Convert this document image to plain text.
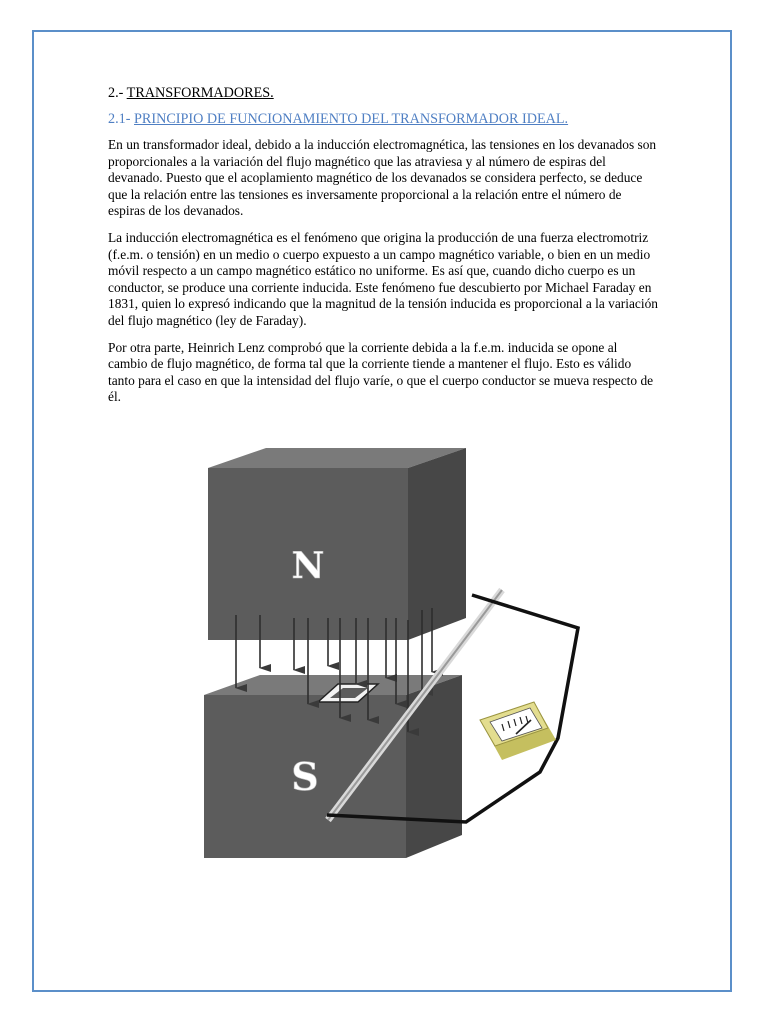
2.- TRANSFORMADORES.
2.1- PRINCIPIO DE FUNCIONAMIENTO DEL TRANSFORMADOR IDEAL.

En un transformador ideal, debido a la inducción electromagnética, las tensiones en los devanados son proporcionales a la variación del flujo magnético que las atraviesa y al número de espiras del devanado. Puesto que el acoplamiento magnético de los devanados se considera perfecto, se deduce que la relación entre las tensiones es inversamente proporcional a la relación entre el número de espiras de los devanados.

La inducción electromagnética es el fenómeno que origina la producción de una fuerza electromotriz (f.e.m. o tensión) en un medio o cuerpo expuesto a un campo magnético variable, o bien en un medio móvil respecto a un campo magnético estático no uniforme. Es así que, cuando dicho cuerpo es un conductor, se produce una corriente inducida. Este fenómeno fue descubierto por Michael Faraday en 1831, quien lo expresó indicando que la magnitud de la tensión inducida es proporcional a la variación del flujo magnético (ley de Faraday).

Por otra parte, Heinrich Lenz comprobó que la corriente debida a la f.e.m. inducida se opone al cambio de flujo magnético, de forma tal que la corriente tiende a mantener el flujo. Esto es válido tanto para el caso en que la intensidad del flujo varíe, o que el cuerpo conductor se mueva respecto de él.

S
N
